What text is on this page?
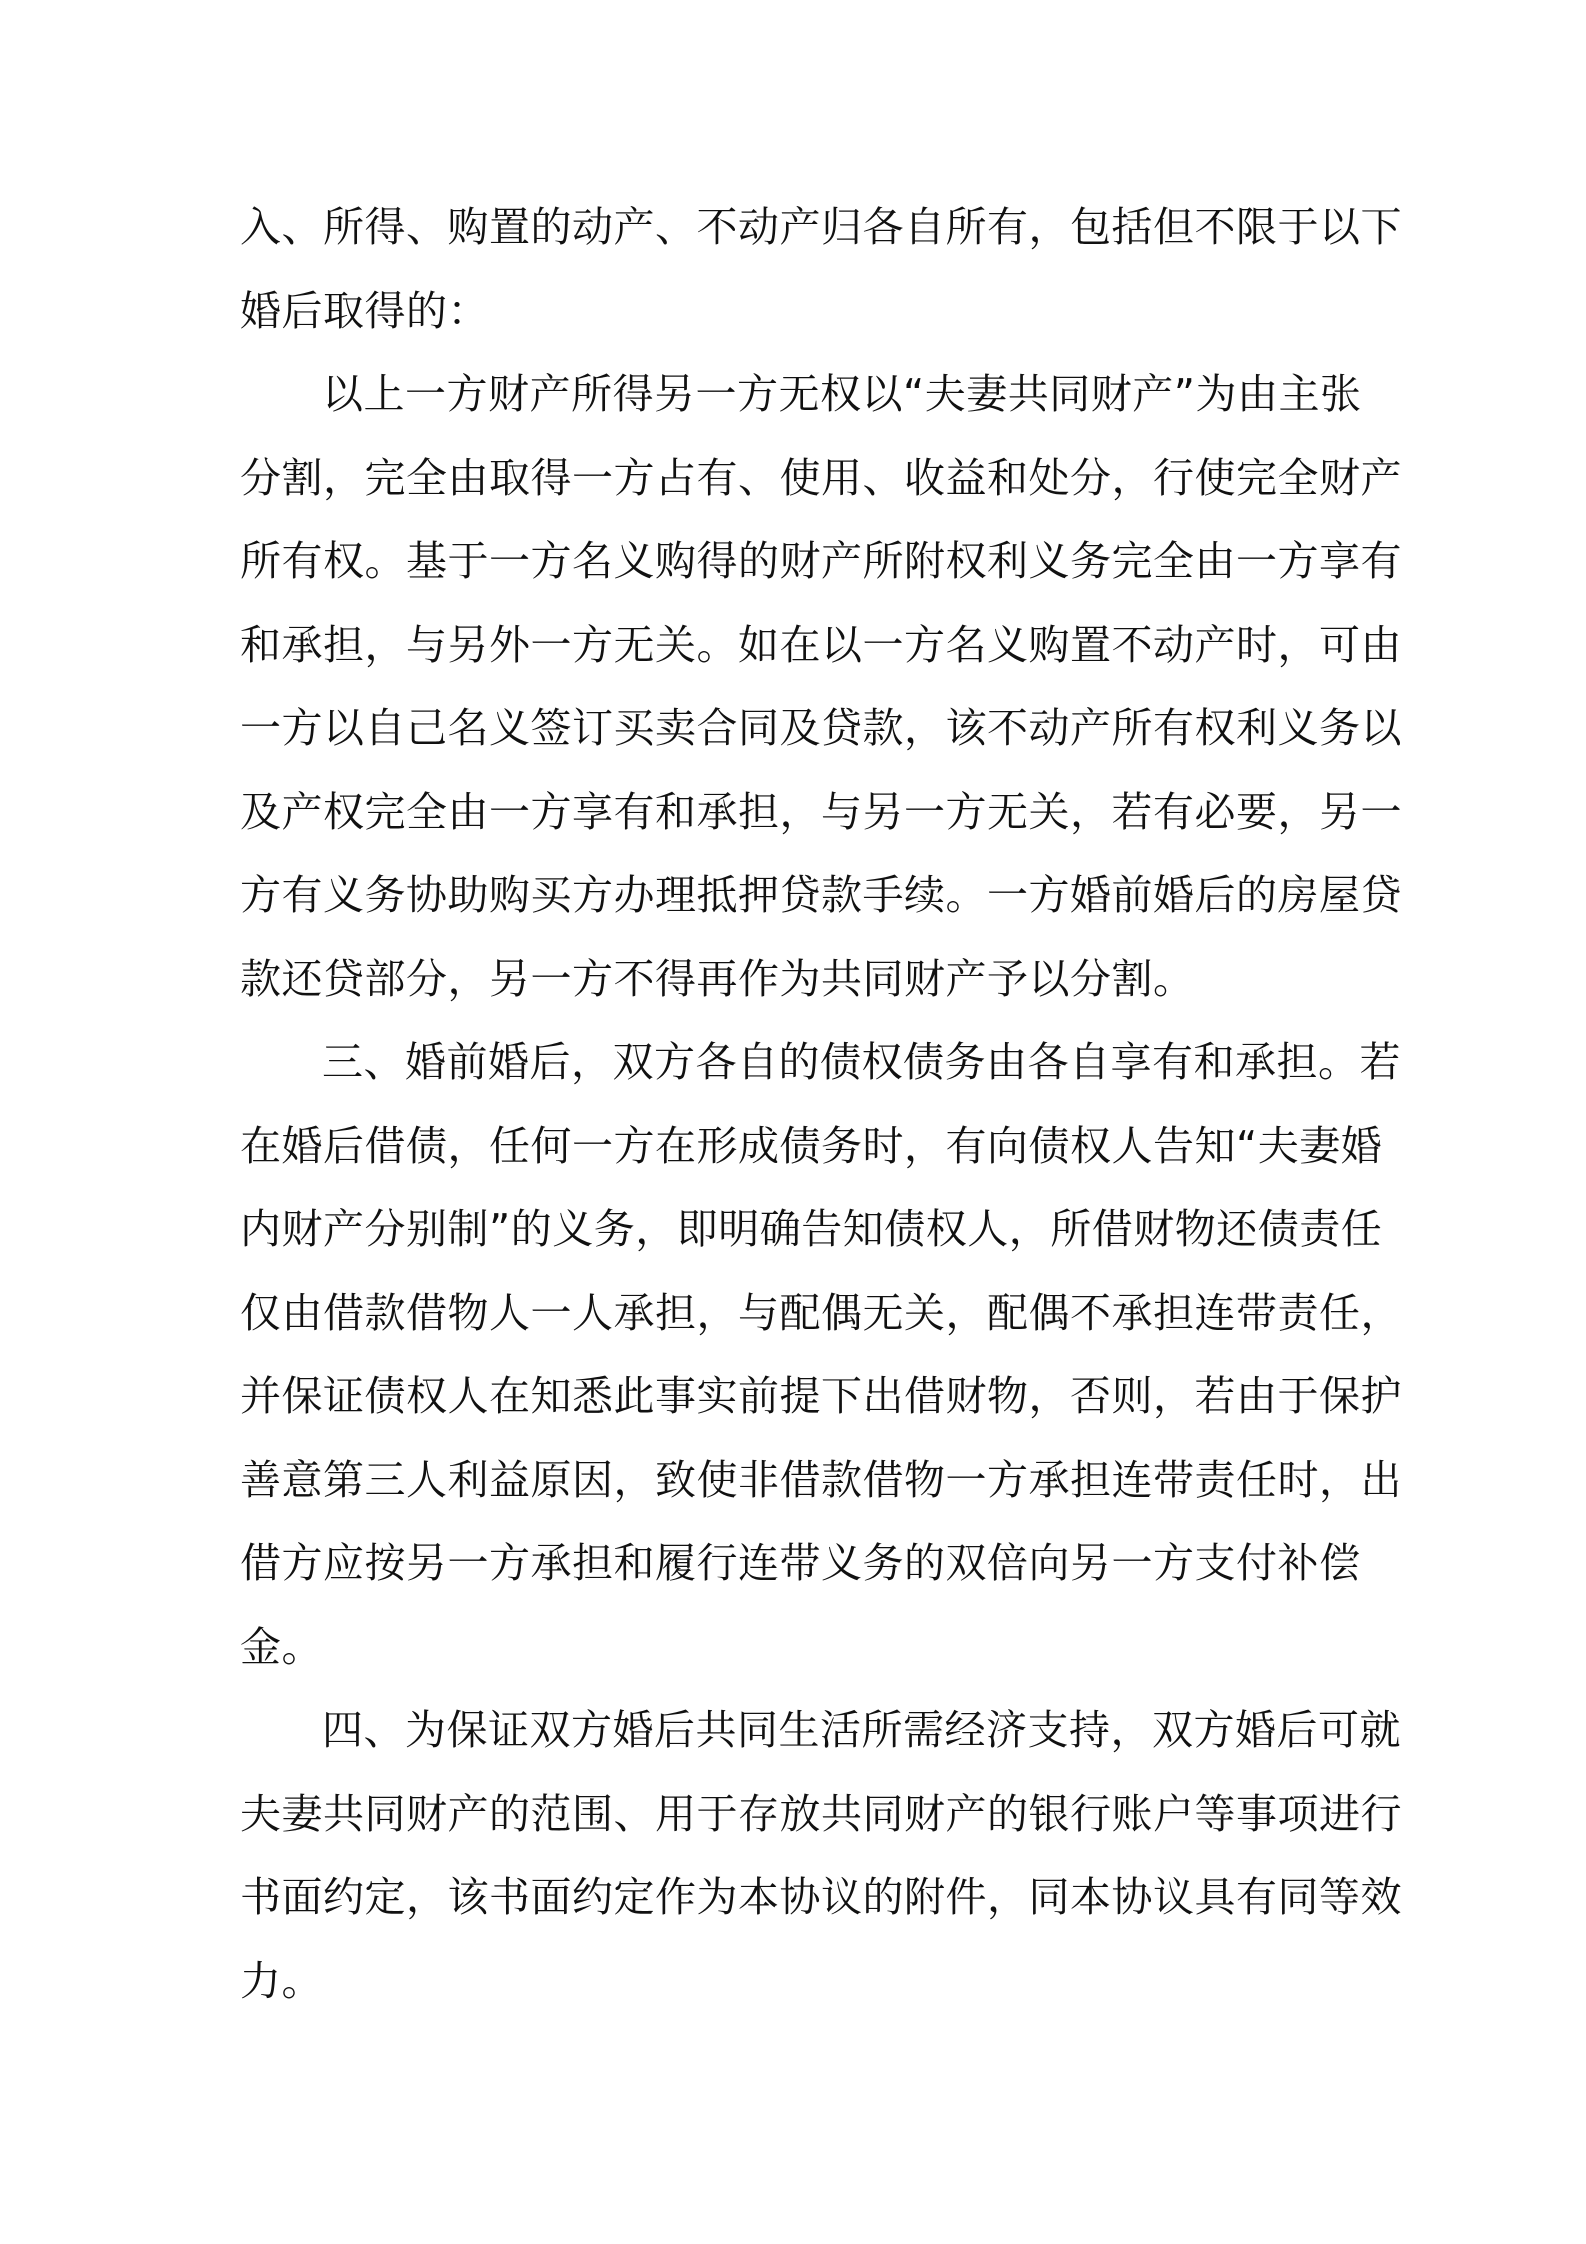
入、所得、购置的动产、不动产归各自所有，包括但不限于以下
婚后取得的：
以上一方财产所得另一方无权以“夫妻共同财产”为由主张
分割，完全由取得一方占有、使用、收益和处分，行使完全财产
所有权。基于一方名义购得的财产所附权利义务完全由一方享有
和承担，与另外一方无关。如在以一方名义购置不动产时，可由
一方以自己名义签订买卖合同及贷款，该不动产所有权利义务以
及产权完全由一方享有和承担，与另一方无关，若有必要，另一
方有义务协助购买方办理抵押贷款手续。一方婚前婚后的房屋贷
款还贷部分，另一方不得再作为共同财产予以分割。
三、婚前婚后，双方各自的债权债务由各自享有和承担。若
在婚后借债，任何一方在形成债务时，有向债权人告知“夫妻婚
内财产分别制”的义务，即明确告知债权人，所借财物还债责任
仅由借款借物人一人承担，与配偶无关，配偶不承担连带责任，
并保证债权人在知悉此事实前提下出借财物，否则，若由于保护
善意第三人利益原因，致使非借款借物一方承担连带责任时，出
借方应按另一方承担和履行连带义务的双倍向另一方支付补偿
金。
四、为保证双方婚后共同生活所需经济支持，双方婚后可就
夫妻共同财产的范围、用于存放共同财产的银行账户等事项进行
书面约定，该书面约定作为本协议的附件，同本协议具有同等效
力。
